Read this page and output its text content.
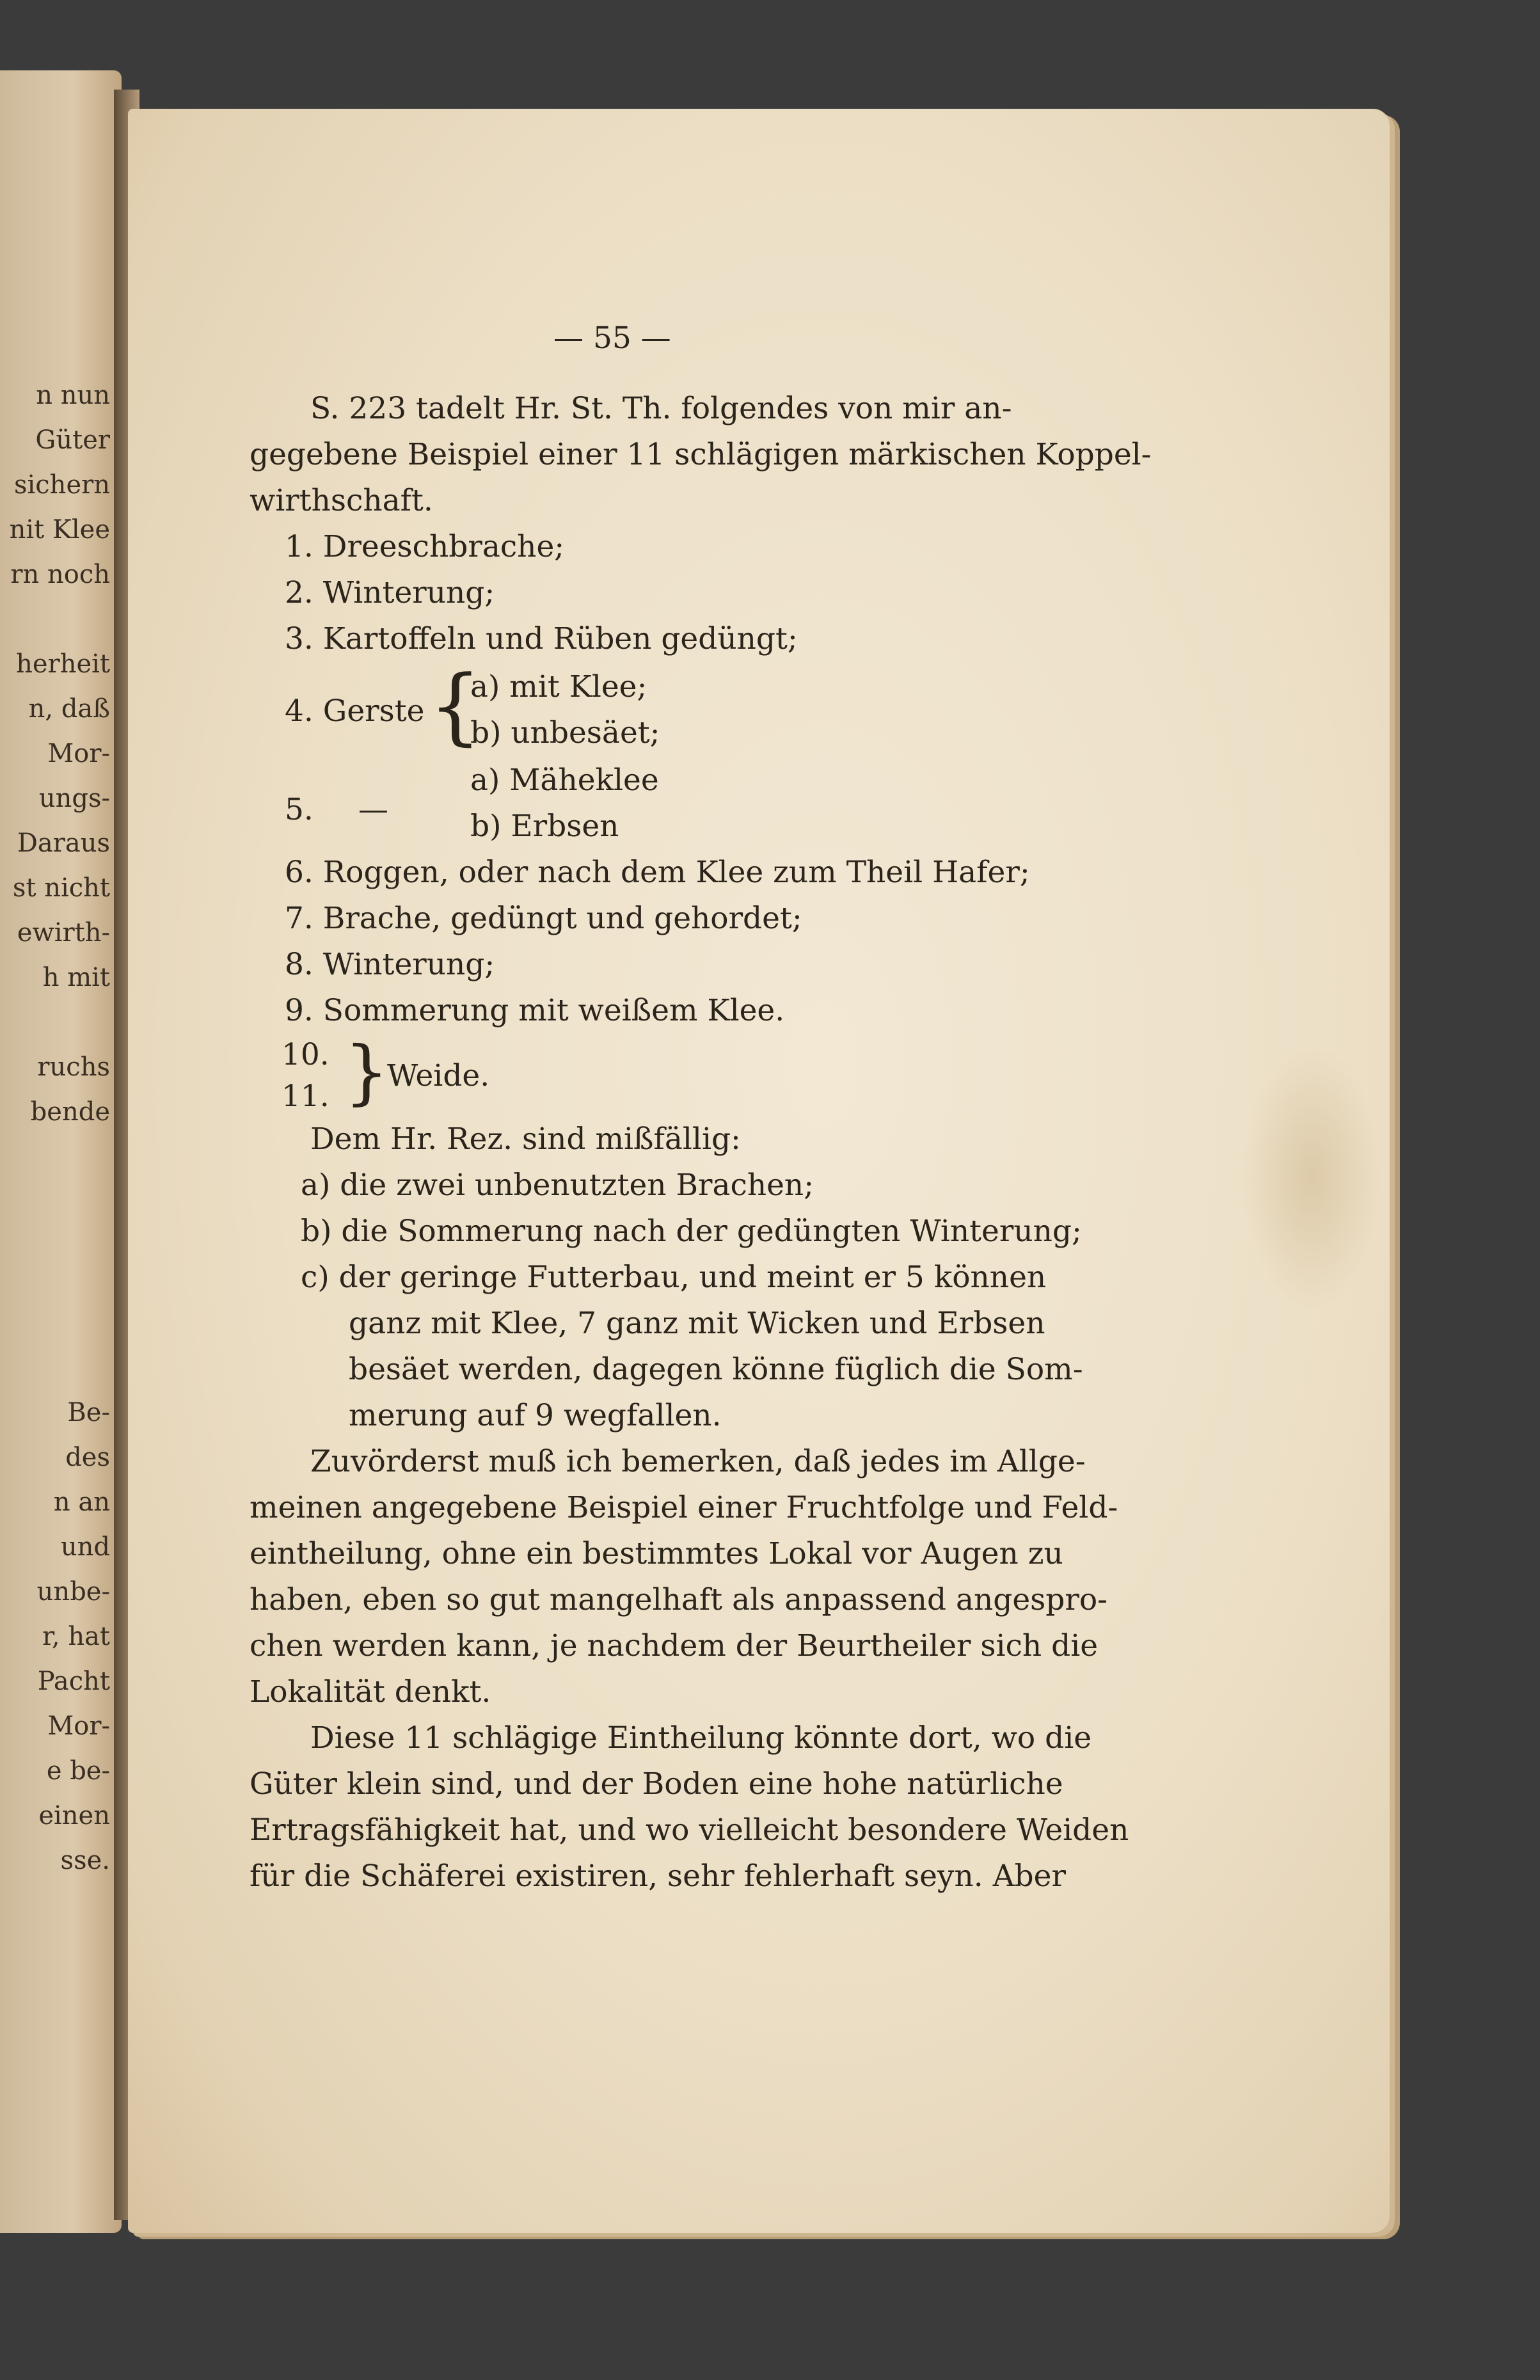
n nun
Güter
sichern
nit Klee
rn noch
herheit
n, daß
Mor-
ungs-
Daraus
st nicht
ewirth-
h mit
ruchs
bende
Be-
des
n an
und
unbe-
r, hat
Pacht
Mor-
e be-
einen
sse.
— 55 —
S. 223 tadelt Hr. St. Th. folgendes von mir an-
gegebene Beispiel einer 11 schlägigen märkischen Koppel-
wirthschaft.
1. Dreeschbrache;
2. Winterung;
3. Kartoffeln und Rüben gedüngt;
4. Gerste {
a) mit Klee;
b) unbesäet;
5. —
a) Mäheklee
b) Erbsen
6. Roggen, oder nach dem Klee zum Theil Hafer;
7. Brache, gedüngt und gehordet;
8. Winterung;
9. Sommerung mit weißem Klee.
10.
11. }
Weide.
Dem Hr. Rez. sind mißfällig:
a) die zwei unbenutzten Brachen;
b) die Sommerung nach der gedüngten Winterung;
c) der geringe Futterbau, und meint er 5 können
ganz mit Klee, 7 ganz mit Wicken und Erbsen
besäet werden, dagegen könne füglich die Som-
merung auf 9 wegfallen.
Zuvörderst muß ich bemerken, daß jedes im Allge-
meinen angegebene Beispiel einer Fruchtfolge und Feld-
eintheilung, ohne ein bestimmtes Lokal vor Augen zu
haben, eben so gut mangelhaft als anpassend angespro-
chen werden kann, je nachdem der Beurtheiler sich die
Lokalität denkt.
Diese 11 schlägige Eintheilung könnte dort, wo die
Güter klein sind, und der Boden eine hohe natürliche
Ertragsfähigkeit hat, und wo vielleicht besondere Weiden
für die Schäferei existiren, sehr fehlerhaft seyn. Aber
